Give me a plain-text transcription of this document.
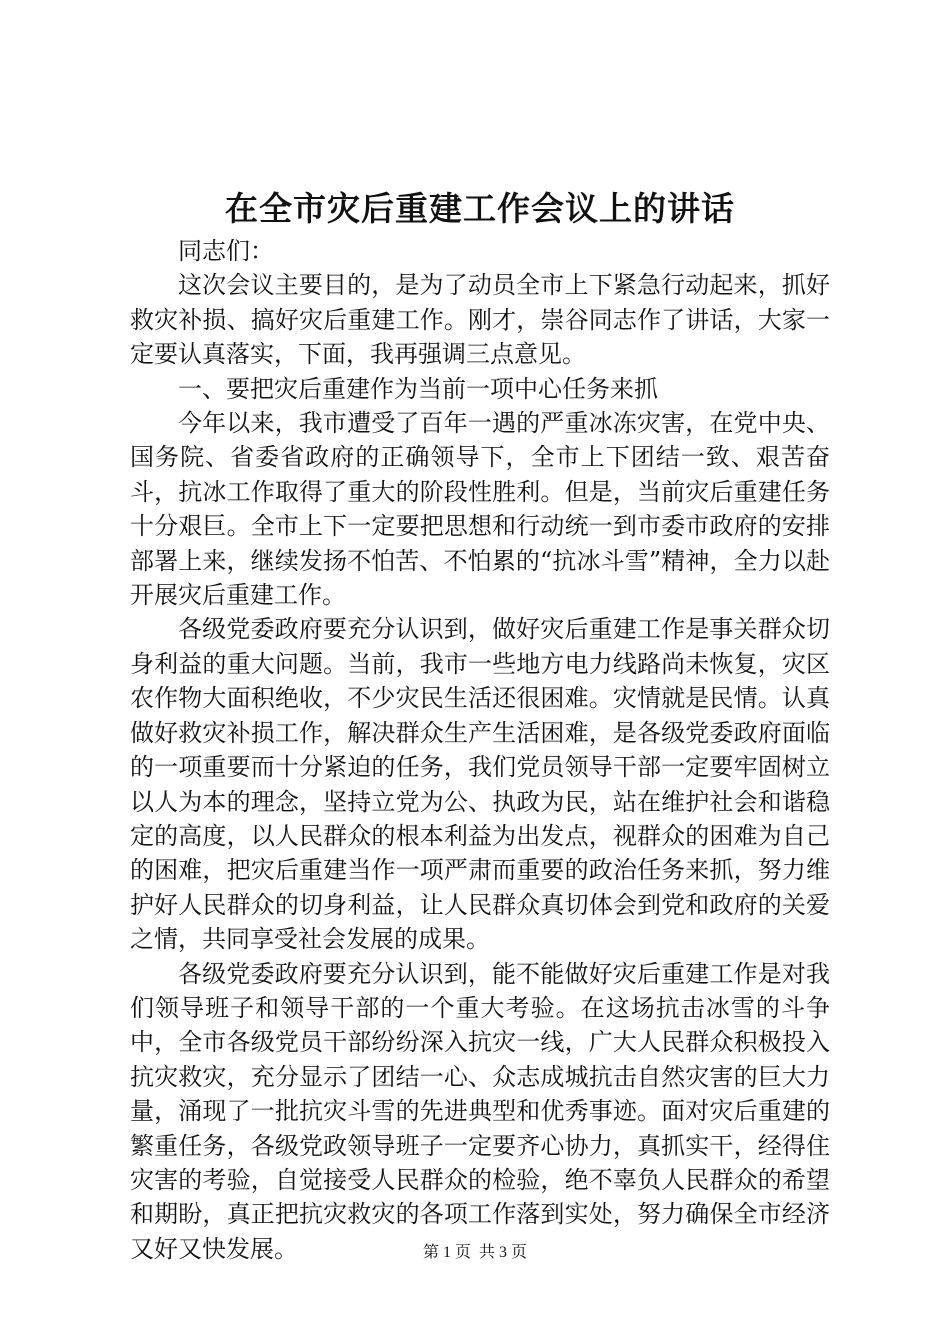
在全市灾后重建工作会议上的讲话

同志们：

这次会议主要目的，是为了动员全市上下紧急行动起来，抓好救灾补损、搞好灾后重建工作。刚才，崇谷同志作了讲话，大家一定要认真落实，下面，我再强调三点意见。

一、要把灾后重建作为当前一项中心任务来抓

今年以来，我市遭受了百年一遇的严重冰冻灾害，在党中央、国务院、省委省政府的正确领导下，全市上下团结一致、艰苦奋斗，抗冰工作取得了重大的阶段性胜利。但是，当前灾后重建任务十分艰巨。全市上下一定要把思想和行动统一到市委市政府的安排部署上来，继续发扬不怕苦、不怕累的“抗冰斗雪”精神，全力以赴开展灾后重建工作。

各级党委政府要充分认识到，做好灾后重建工作是事关群众切身利益的重大问题。当前，我市一些地方电力线路尚未恢复，灾区农作物大面积绝收，不少灾民生活还很困难。灾情就是民情。认真做好救灾补损工作，解决群众生产生活困难，是各级党委政府面临的一项重要而十分紧迫的任务，我们党员领导干部一定要牢固树立以人为本的理念，坚持立党为公、执政为民，站在维护社会和谐稳定的高度，以人民群众的根本利益为出发点，视群众的困难为自己的困难，把灾后重建当作一项严肃而重要的政治任务来抓，努力维护好人民群众的切身利益，让人民群众真切体会到党和政府的关爱之情，共同享受社会发展的成果。

各级党委政府要充分认识到，能不能做好灾后重建工作是对我们领导班子和领导干部的一个重大考验。在这场抗击冰雪的斗争中，全市各级党员干部纷纷深入抗灾一线，广大人民群众积极投入抗灾救灾，充分显示了团结一心、众志成城抗击自然灾害的巨大力量，涌现了一批抗灾斗雪的先进典型和优秀事迹。面对灾后重建的繁重任务，各级党政领导班子一定要齐心协力，真抓实干，经得住灾害的考验，自觉接受人民群众的检验，绝不辜负人民群众的希望和期盼，真正把抗灾救灾的各项工作落到实处，努力确保全市经济又好又快发展。	第 1 页  共 3 页
